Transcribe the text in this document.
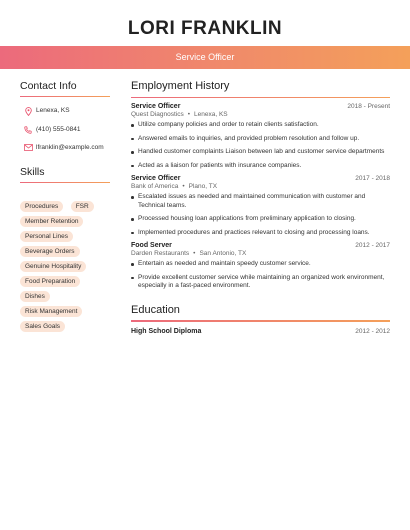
LORI FRANKLIN
Service Officer
Contact Info
Lenexa, KS
(410) 555-0841
lfranklin@example.com
Skills
Procedures	FSR
Member Retention
Personal Lines
Beverage Orders
Genuine Hospitality
Food Preparation
Dishes
Risk Management
Sales Goals
Employment History
Service Officer	2018 - Present
Quest Diagnostics • Lenexa, KS
Utilize company policies and order to retain clients satisfaction.
Answered emails to inquiries, and provided problem resolution and follow up.
Handled customer complaints Liaison between lab and customer service departments
Acted as a liaison for patients with insurance companies.
Service Officer	2017 - 2018
Bank of America • Plano, TX
Escalated issues as needed and maintained communication with customer and Technical teams.
Processed housing loan applications from preliminary application to closing.
Implemented procedures and practices relevant to closing and processing loans.
Food Server	2012 - 2017
Darden Restaurants • San Antonio, TX
Entertain as needed and maintain speedy customer service.
Provide excellent customer service while maintaining an organized work environment, especially in a fast-paced environment.
Education
High School Diploma	2012 - 2012
